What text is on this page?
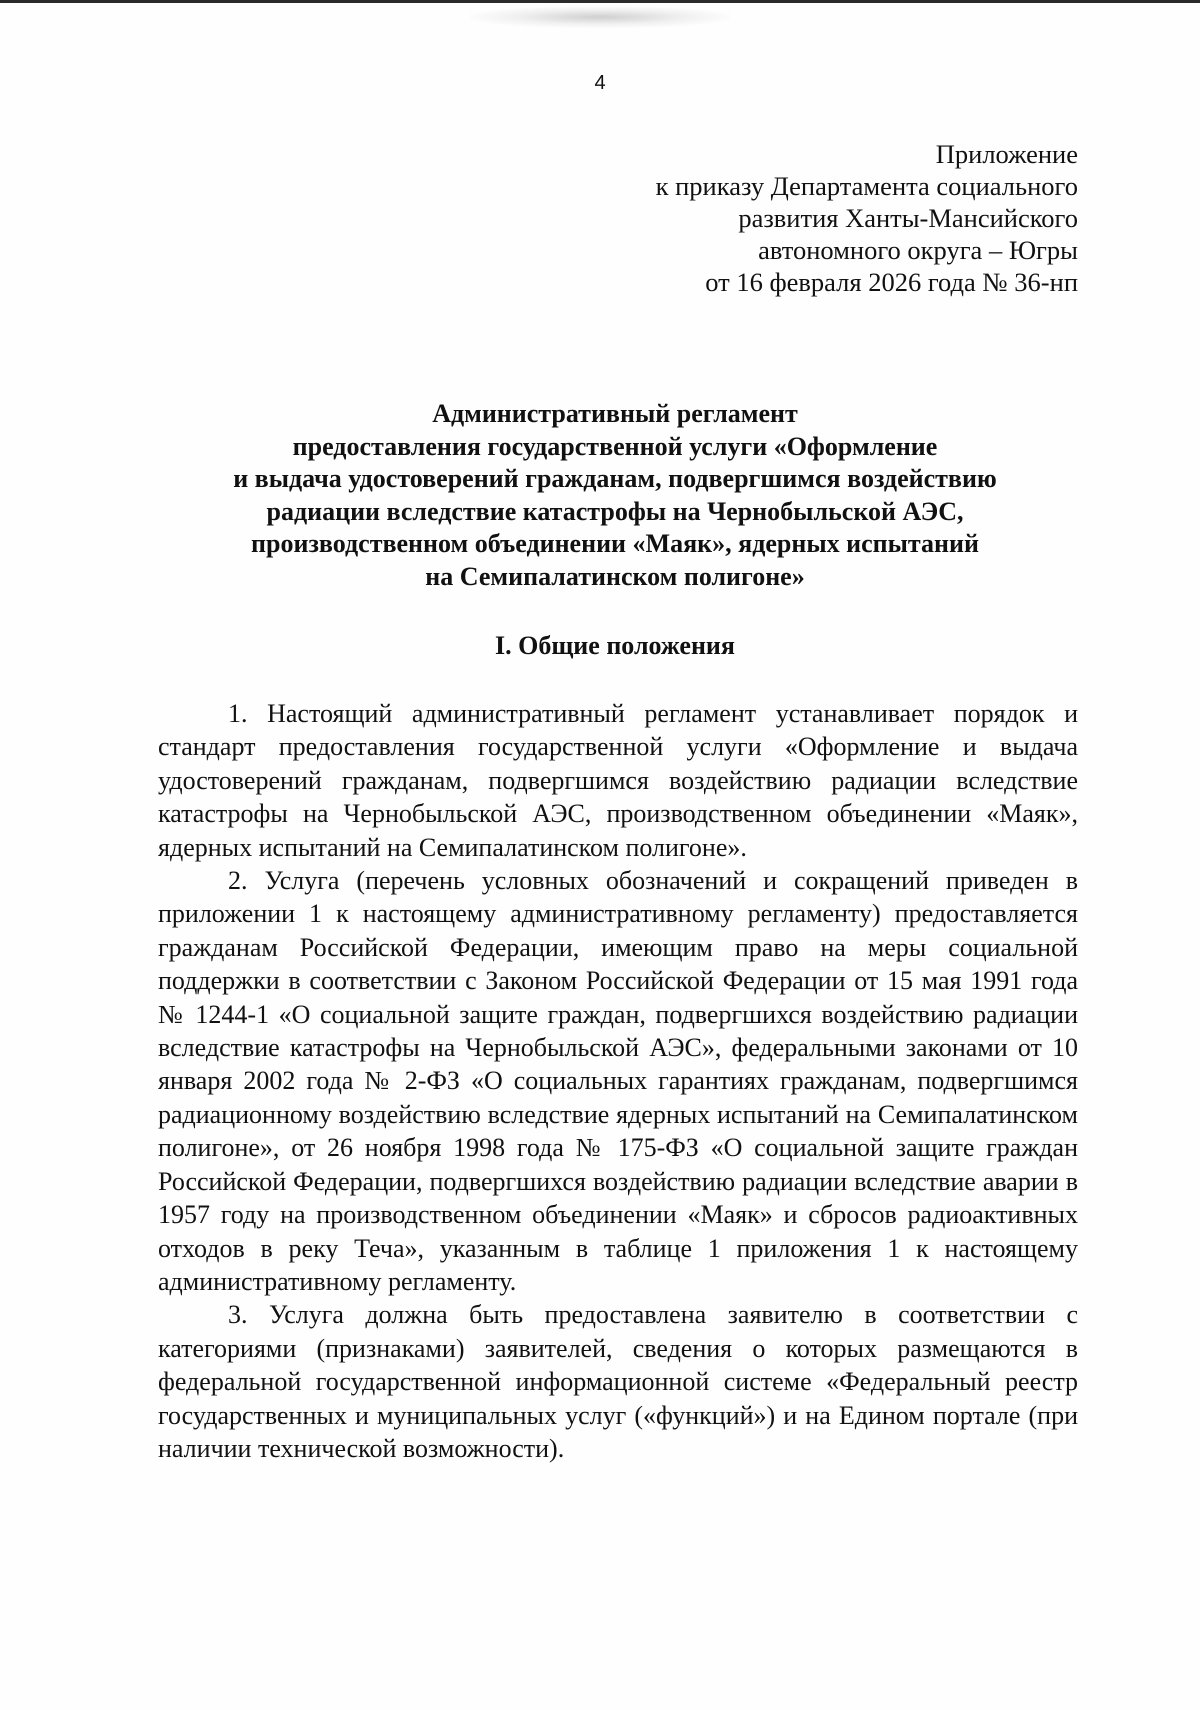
4
Приложение
к приказу Департамента социального
развития Ханты-Мансийского
автономного округа – Югры
от 16 февраля 2026 года № 36-нп
Административный регламент
предоставления государственной услуги «Оформление
и выдача удостоверений гражданам, подвергшимся воздействию
радиации вследствие катастрофы на Чернобыльской АЭС,
производственном объединении «Маяк», ядерных испытаний
на Семипалатинском полигоне»
I. Общие положения

1. Настоящий административный регламент устанавливает порядок и стандарт предоставления государственной услуги «Оформление и выдача удостоверений гражданам, подвергшимся воздействию радиации вследствие катастрофы на Чернобыльской АЭС, производственном объединении «Маяк», ядерных испытаний на Семипалатинском полигоне».

2. Услуга (перечень условных обозначений и сокращений приведен в приложении 1 к настоящему административному регламенту) предоставляется гражданам Российской Федерации, имеющим право на меры социальной поддержки в соответствии с Законом Российской Федерации от 15 мая 1991 года № 1244-1 «О социальной защите граждан, подвергшихся воздействию радиации вследствие катастрофы на Чернобыльской АЭС», федеральными законами от 10 января 2002 года № 2-ФЗ «О социальных гарантиях гражданам, подвергшимся радиационному воздействию вследствие ядерных испытаний на Семипалатинском полигоне», от 26 ноября 1998 года № 175-ФЗ «О социальной защите граждан Российской Федерации, подвергшихся воздействию радиации вследствие аварии в 1957 году на производственном объединении «Маяк» и сбросов радиоактивных отходов в реку Теча», указанным в таблице 1 приложения 1 к настоящему административному регламенту.

3. Услуга должна быть предоставлена заявителю в соответствии с категориями (признаками) заявителей, сведения о которых размещаются в федеральной государственной информационной системе «Федеральный реестр государственных и муниципальных услуг («функций») и на Едином портале (при наличии технической возможности).
